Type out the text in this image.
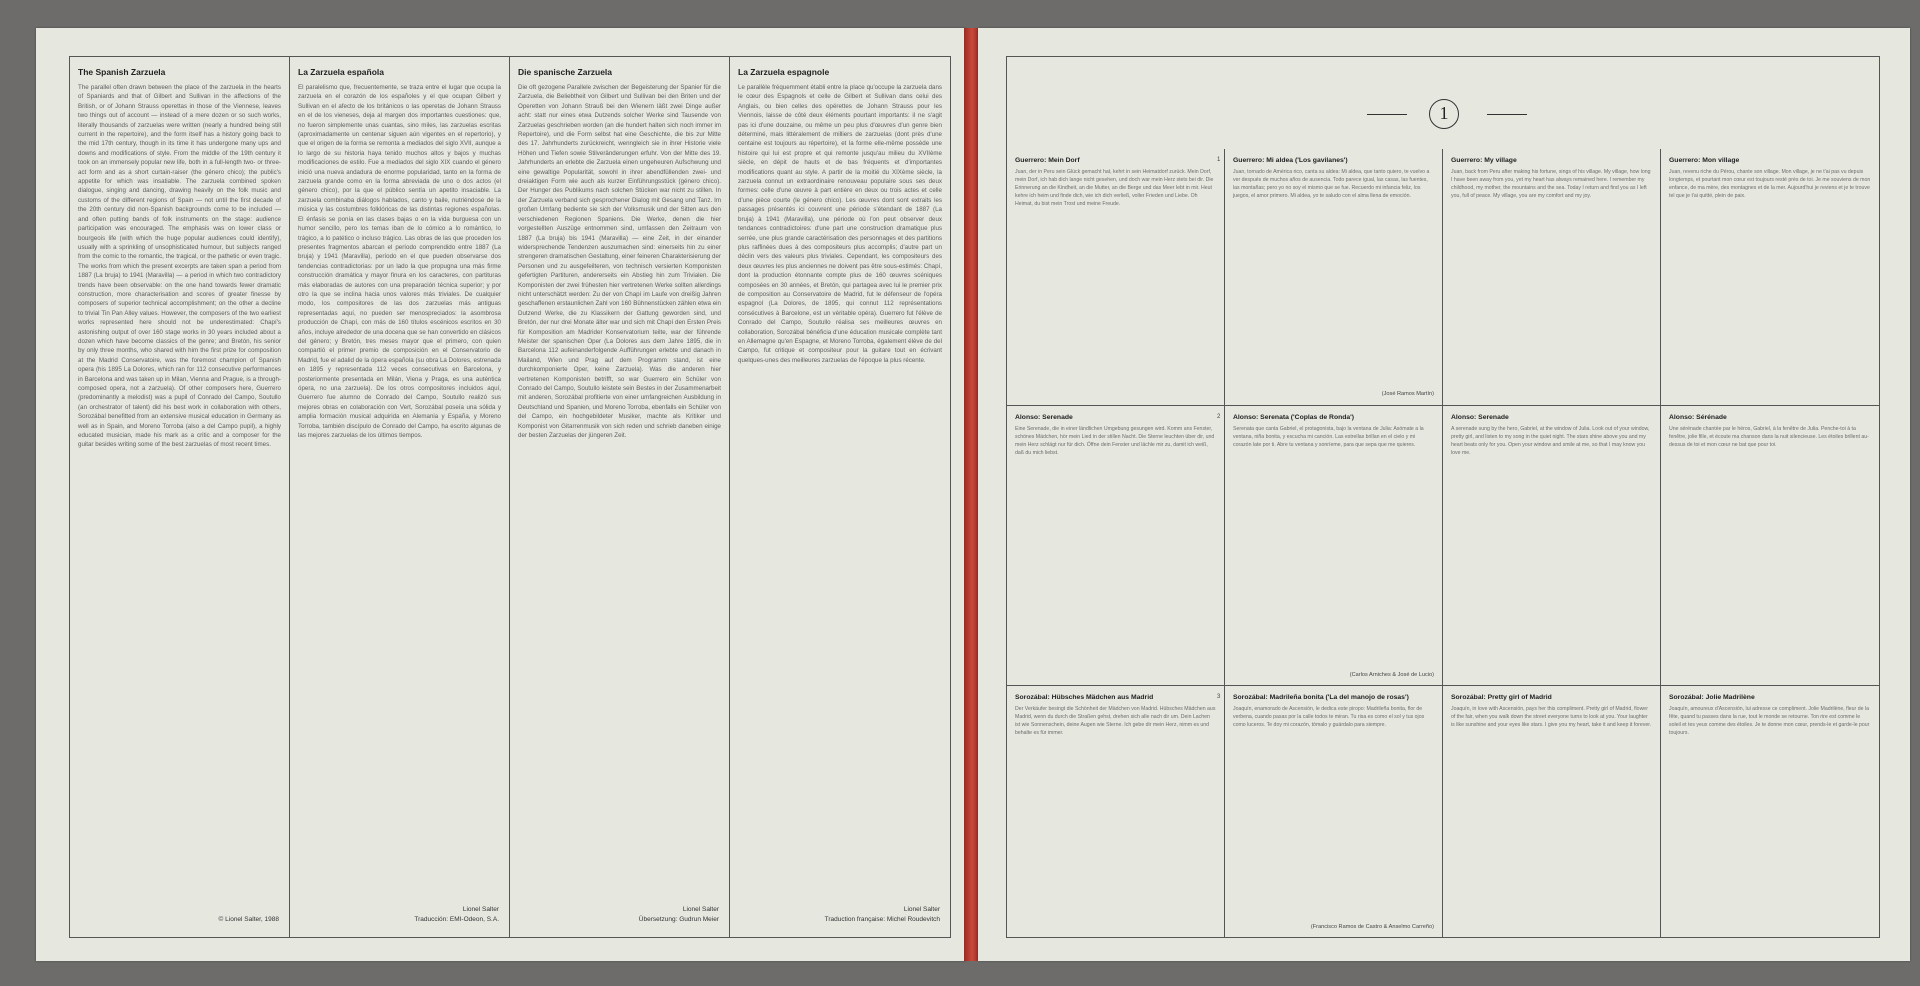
The Spanish Zarzuela

The parallel often drawn between the place of the zarzuela in the hearts of Spaniards and that of Gilbert and Sullivan in the affections of the British, or of Johann Strauss operettas in those of the Viennese, leaves two things out of account — instead of a mere dozen or so such works, literally thousands of zarzuelas were written (nearly a hundred being still current in the repertoire), and the form itself has a history going back to the mid 17th century, though in its time it has undergone many ups and downs and modifications of style. From the middle of the 19th century it took on an immensely popular new life, both in a full-length two- or three-act form and as a short curtain-raiser (the género chico); the public's appetite for which was insatiable. The zarzuela combined spoken dialogue, singing and dancing, drawing heavily on the folk music and customs of the different regions of Spain — not until the first decade of the 20th century did non-Spanish backgrounds come to be included — and often putting bands of folk instruments on the stage: audience participation was encouraged. The emphasis was on lower class or bourgeois life (with which the huge popular audiences could identify), usually with a sprinkling of unsophisticated humour, but subjects ranged from the comic to the romantic, the tragical, or the pathetic or even tragic. The works from which the present excerpts are taken span a period from 1887 (La bruja) to 1941 (Maravilla) — a period in which two contradictory trends have been observable: on the one hand towards fewer dramatic construction, more characterisation and scores of greater finesse by composers of superior technical accomplishment; on the other a decline to trivial Tin Pan Alley values. However, the composers of the two earliest works represented here should not be underestimated: Chapí's astonishing output of over 160 stage works in 30 years included about a dozen which have become classics of the genre; and Bretón, his senior by only three months, who shared with him the first prize for composition at the Madrid Conservatoire, was the foremost champion of Spanish opera (his 1895 La Dolores, which ran for 112 consecutive performances in Barcelona and was taken up in Milan, Vienna and Prague, is a through-composed opera, not a zarzuela). Of other composers here, Guerrero (predominantly a melodist) was a pupil of Conrado del Campo, Soutullo (an orchestrator of talent) did his best work in collaboration with others, Sorozábal benefitted from an extensive musical education in Germany as well as in Spain, and Moreno Torroba (also a del Campo pupil), a highly educated musician, made his mark as a critic and a composer for the guitar besides writing some of the best zarzuelas of most recent times.

© Lionel Salter, 1988
La Zarzuela española

El paralelismo que, frecuentemente, se traza entre el lugar que ocupa la zarzuela en el corazón de los españoles y el que ocupan Gilbert y Sullivan en el afecto de los británicos o las operetas de Johann Strauss en el de los vieneses, deja al margen dos importantes cuestiones: que, no fueron simplemente unas cuantas, sino miles, las zarzuelas escritas (aproximadamente un centenar siguen aún vigentes en el repertorio), y que el origen de la forma se remonta a mediados del siglo XVII, aunque a lo largo de su historia haya tenido muchos altos y bajos y muchas modificaciones de estilo. Fue a mediados del siglo XIX cuando el género inició una nueva andadura de enorme popularidad, tanto en la forma de zarzuela grande como en la forma abreviada de uno o dos actos (el género chico), por la que el público sentía un apetito insaciable. La zarzuela combinaba diálogos hablados, canto y baile, nutriéndose de la música y las costumbres folklóricas de las distintas regiones españolas. El énfasis se ponía en las clases bajas o en la vida burguesa con un humor sencillo, pero los temas iban de lo cómico a lo romántico, lo trágico, a lo patético o incluso trágico. Las obras de las que proceden los presentes fragmentos abarcan el período comprendido entre 1887 (La bruja) y 1941 (Maravilla), período en el que pueden observarse dos tendencias contradictorias: por un lado la que propugna una más firme construcción dramática y mayor finura en los caracteres, con partituras más elaboradas de autores con una preparación técnica superior; y por otro la que se inclina hacia unos valores más triviales. De cualquier modo, los compositores de las dos zarzuelas más antiguas representadas aquí, no pueden ser menospreciados: la asombrosa producción de Chapí, con más de 160 títulos escénicos escritos en 30 años, incluye alrededor de una docena que se han convertido en clásicos del género; y Bretón, tres meses mayor que el primero, con quien compartió el primer premio de composición en el Conservatorio de Madrid, fue el adalid de la ópera española (su obra La Dolores, estrenada en 1895 y representada 112 veces consecutivas en Barcelona, y posteriormente presentada en Milán, Viena y Praga, es una auténtica ópera, no una zarzuela). De los otros compositores incluidos aquí, Guerrero fue alumno de Conrado del Campo, Soutullo realizó sus mejores obras en colaboración con Vert, Sorozábal poseía una sólida y amplia formación musical adquirida en Alemania y España, y Moreno Torroba, también discípulo de Conrado del Campo, ha escrito algunas de las mejores zarzuelas de los últimos tiempos.

Lionel Salter
Traducción: EMI-Odeon, S.A.
Die spanische Zarzuela

Die oft gezogene Parallele zwischen der Begeisterung der Spanier für die Zarzuela, die Beliebtheit von Gilbert und Sullivan bei den Briten und der Operetten von Johann Strauß bei den Wienern läßt zwei Dinge außer acht: statt nur eines etwa Dutzends solcher Werke sind Tausende von Zarzuelas geschrieben worden (an die hundert halten sich noch immer im Repertoire), und die Form selbst hat eine Geschichte, die bis zur Mitte des 17. Jahrhunderts zurückreicht, wenngleich sie in ihrer Historie viele Höhen und Tiefen sowie Stilveränderungen erfuhr. Von der Mitte des 19. Jahrhunderts an erlebte die Zarzuela einen ungeheuren Aufschwung und eine gewaltige Popularität, sowohl in ihrer abendfüllenden zwei- und dreiaktigen Form wie auch als kurzer Einführungsstück (género chico). Der Hunger des Publikums nach solchen Stücken war nicht zu stillen. In der Zarzuela verband sich gesprochener Dialog mit Gesang und Tanz. Im großen Umfang bediente sie sich der Volksmusik und der Sitten aus den verschiedenen Regionen Spaniens. Die Werke, denen die hier vorgestellten Auszüge entnommen sind, umfassen den Zeitraum von 1887 (La bruja) bis 1941 (Maravilla) — eine Zeit, in der einander widersprechende Tendenzen auszumachen sind: einerseits hin zu einer strengeren dramatischen Gestaltung, einer feineren Charakterisierung der Personen und zu ausgefeilteren, von technisch versierten Komponisten gefertigten Partituren, andererseits ein Abstieg hin zum Trivialen. Die Komponisten der zwei frühesten hier vertretenen Werke sollten allerdings nicht unterschätzt werden: Zu der von Chapí im Laufe von dreißig Jahren geschaffenen erstaunlichen Zahl von 160 Bühnenstücken zählen etwa ein Dutzend Werke, die zu Klassikern der Gattung geworden sind, und Bretón, der nur drei Monate älter war und sich mit Chapí den Ersten Preis für Komposition am Madrider Konservatorium teilte, war der führende Meister der spanischen Oper (La Dolores aus dem Jahre 1895, die in Barcelona 112 aufeinanderfolgende Aufführungen erlebte und danach in Mailand, Wien und Prag auf dem Programm stand, ist eine durchkomponierte Oper, keine Zarzuela). Was die anderen hier vertretenen Komponisten betrifft, so war Guerrero ein Schüler von Conrado del Campo, Soutullo leistete sein Bestes in der Zusammenarbeit mit anderen, Sorozábal profitierte von einer umfangreichen Ausbildung in Deutschland und Spanien, und Moreno Torroba, ebenfalls ein Schüler von del Campo, ein hochgebildeter Musiker, machte als Kritiker und Komponist von Gitarrenmusik von sich reden und schrieb daneben einige der besten Zarzuelas der jüngeren Zeit.

Lionel Salter
Übersetzung: Gudrun Meier
La Zarzuela espagnole

Le parallèle fréquemment établi entre la place qu'occupe la zarzuela dans le cœur des Espagnols et celle de Gilbert et Sullivan dans celui des Anglais, ou bien celles des opérettes de Johann Strauss pour les Viennois, laisse de côté deux éléments pourtant importants: il ne s'agit pas ici d'une douzaine, ou même un peu plus d'œuvres d'un genre bien déterminé, mais littéralement de milliers de zarzuelas (dont près d'une centaine est toujours au répertoire), et la forme elle-même possède une histoire qui lui est propre et qui remonte jusqu'au milieu du XVIIème siècle, en dépit de hauts et de bas fréquents et d'importantes modifications quant au style. A partir de la moitié du XIXème siècle, la zarzuela connut un extraordinaire renouveau populaire sous ses deux formes: celle d'une œuvre à part entière en deux ou trois actes et celle d'une pièce courte (le género chico). Les œuvres dont sont extraits les passages présentés ici couvrent une période s'étendant de 1887 (La bruja) à 1941 (Maravilla), une période où l'on peut observer deux tendances contradictoires: d'une part une construction dramatique plus serrée, une plus grande caractérisation des personnages et des partitions plus raffinées dues à des compositeurs plus accomplis; d'autre part un déclin vers des valeurs plus triviales. Cependant, les compositeurs des deux œuvres les plus anciennes ne doivent pas être sous-estimés: Chapí, dont la production étonnante compte plus de 160 œuvres scéniques composées en 30 années, et Bretón, qui partagea avec lui le premier prix de composition au Conservatoire de Madrid, fut le défenseur de l'opéra espagnol (La Dolores, de 1895, qui connut 112 représentations consécutives à Barcelone, est un véritable opéra). Guerrero fut l'élève de Conrado del Campo, Soutullo réalisa ses meilleures œuvres en collaboration, Sorozábal bénéficia d'une éducation musicale complète tant en Allemagne qu'en Espagne, et Moreno Torroba, également élève de del Campo, fut critique et compositeur pour la guitare tout en écrivant quelques-unes des meilleures zarzuelas de l'époque la plus récente.

Lionel Salter
Traduction française: Michel Roudevitch
1
Guerrero: Mein Dorf

Juan, der in Peru sein Glück gemacht hat, kehrt in sein Heimatdorf zurück. Mein Dorf, mein Dorf, ich hab dich lange nicht gesehen, und doch war mein Herz stets bei dir. Die Erinnerung an die Kindheit, an die Mutter, an die Berge und das Meer lebt in mir. Heut kehre ich heim und finde dich, wie ich dich verließ, voller Frieden und Liebe. Oh Heimat, du bist mein Trost und meine Freude.

1 Guerrero: Mi aldea ('Los gavilanes')

Juan, tornado de América rico, canta su aldea: Mi aldea, que tanto quiero, te vuelvo a ver después de muchos años de ausencia. Todo parece igual, las casas, las fuentes, las montañas; pero yo no soy el mismo que se fue. Recuerdo mi infancia feliz, los juegos, el amor primero. Mi aldea, yo te saludo con el alma llena de emoción.

(José Ramos Martín)
Guerrero: My village

Juan, back from Peru after making his fortune, sings of his village. My village, how long I have been away from you, yet my heart has always remained here. I remember my childhood, my mother, the mountains and the sea. Today I return and find you as I left you, full of peace. My village, you are my comfort and my joy.

Guerrero: Mon village

Juan, revenu riche du Pérou, chante son village. Mon village, je ne t'ai pas vu depuis longtemps, et pourtant mon cœur est toujours resté près de toi. Je me souviens de mon enfance, de ma mère, des montagnes et de la mer. Aujourd'hui je reviens et je te trouve tel que je t'ai quitté, plein de paix.

Alonso: Serenade

Eine Serenade, die in einer ländlichen Umgebung gesungen wird. Komm ans Fenster, schönes Mädchen, hör mein Lied in der stillen Nacht. Die Sterne leuchten über dir, und mein Herz schlägt nur für dich. Öffne dein Fenster und lächle mir zu, damit ich weiß, daß du mich liebst.

2 Alonso: Serenata ('Coplas de Ronda')

Serenata que canta Gabriel, el protagonista, bajo la ventana de Julia: Asómate a la ventana, niña bonita, y escucha mi canción. Las estrellas brillan en el cielo y mi corazón late por ti. Abre tu ventana y sonríeme, para que sepa que me quieres.

(Carlos Arniches & José de Lucio)
Alonso: Serenade

A serenade sung by the hero, Gabriel, at the window of Julia. Look out of your window, pretty girl, and listen to my song in the quiet night. The stars shine above you and my heart beats only for you. Open your window and smile at me, so that I may know you love me.

Alonso: Sérénade

Une sérénade chantée par le héros, Gabriel, à la fenêtre de Julia. Penche-toi à ta fenêtre, jolie fille, et écoute ma chanson dans la nuit silencieuse. Les étoiles brillent au-dessus de toi et mon cœur ne bat que pour toi.

Sorozábal: Hübsches Mädchen aus Madrid

Der Verkäufer besingt die Schönheit der Mädchen von Madrid. Hübsches Mädchen aus Madrid, wenn du durch die Straßen gehst, drehen sich alle nach dir um. Dein Lachen ist wie Sonnenschein, deine Augen wie Sterne. Ich gebe dir mein Herz, nimm es und behalte es für immer.

3 Sorozábal: Madrileña bonita ('La del manojo de rosas')

Joaquín, enamorado de Ascensión, le dedica este piropo: Madrileña bonita, flor de verbena, cuando pasas por la calle todos te miran. Tu risa es como el sol y tus ojos como luceros. Te doy mi corazón, tómalo y guárdalo para siempre.

(Francisco Ramos de Castro & Anselmo Carreño)
Sorozábal: Pretty girl of Madrid

Joaquín, in love with Ascensión, pays her this compliment. Pretty girl of Madrid, flower of the fair, when you walk down the street everyone turns to look at you. Your laughter is like sunshine and your eyes like stars. I give you my heart, take it and keep it forever.

Sorozábal: Jolie Madrilène

Joaquín, amoureux d'Ascensión, lui adresse ce compliment. Jolie Madrilène, fleur de la fête, quand tu passes dans la rue, tout le monde se retourne. Ton rire est comme le soleil et tes yeux comme des étoiles. Je te donne mon cœur, prends-le et garde-le pour toujours.
